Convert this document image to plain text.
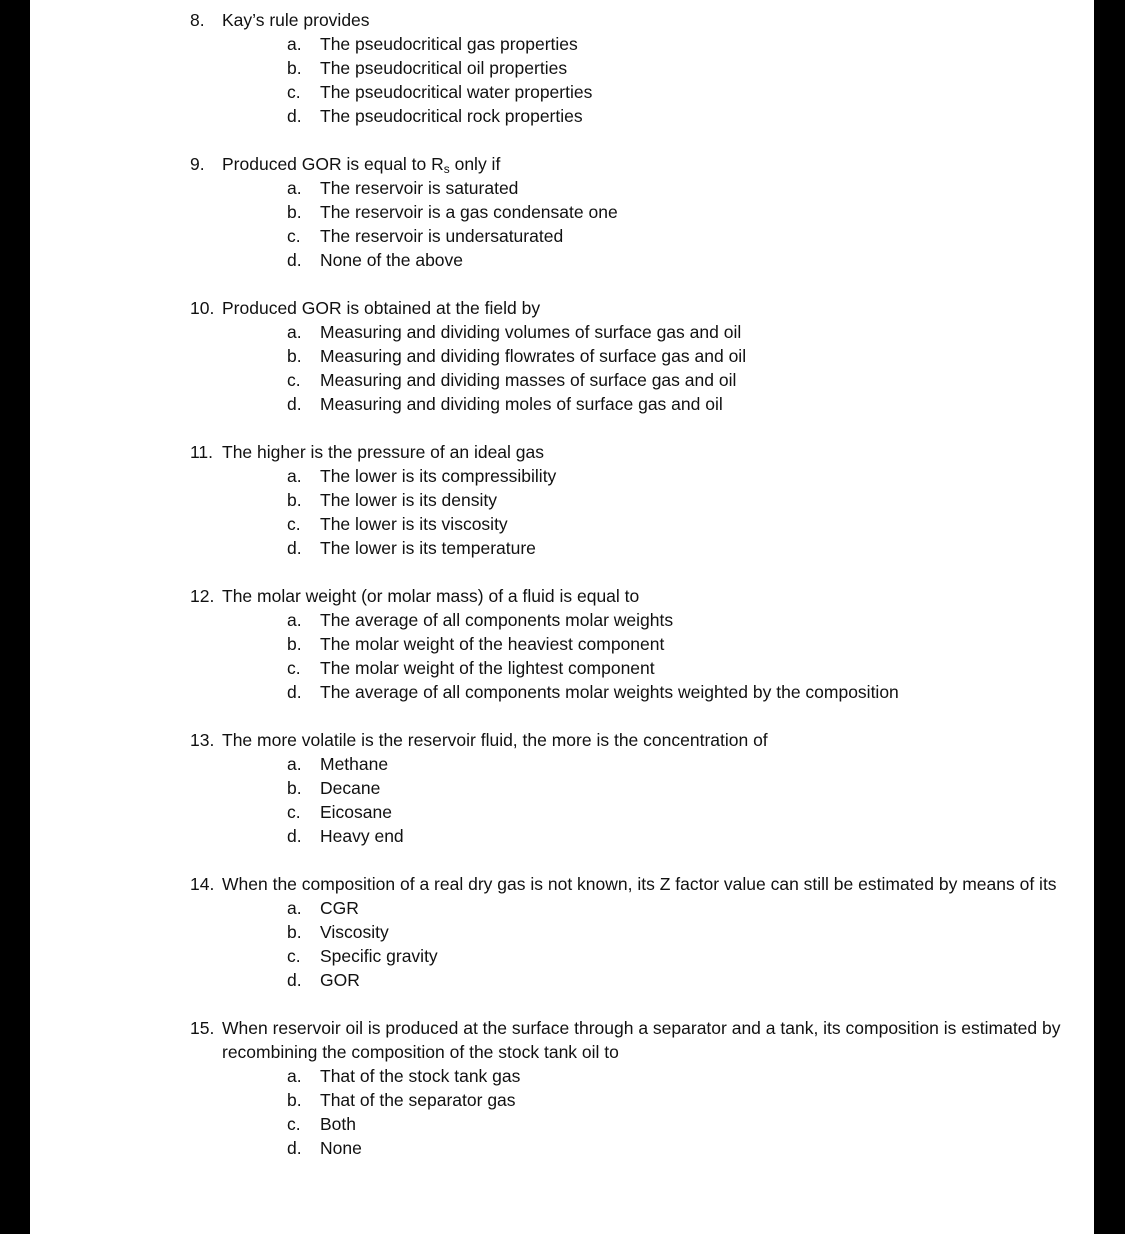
8. Kay’s rule provides
a. The pseudocritical gas properties
b. The pseudocritical oil properties
c. The pseudocritical water properties
d. The pseudocritical rock properties
9. Produced GOR is equal to $R_s$ only if
a. The reservoir is saturated
b. The reservoir is a gas condensate one
c. The reservoir is undersaturated
d. None of the above
10. Produced GOR is obtained at the field by
a. Measuring and dividing volumes of surface gas and oil
b. Measuring and dividing flowrates of surface gas and oil
c. Measuring and dividing masses of surface gas and oil
d. Measuring and dividing moles of surface gas and oil
11. The higher is the pressure of an ideal gas
a. The lower is its compressibility
b. The lower is its density
c. The lower is its viscosity
d. The lower is its temperature
12. The molar weight (or molar mass) of a fluid is equal to
a. The average of all components molar weights
b. The molar weight of the heaviest component
c. The molar weight of the lightest component
d. The average of all components molar weights weighted by the composition
13. The more volatile is the reservoir fluid, the more is the concentration of
a. Methane
b. Decane
c. Eicosane
d. Heavy end
14. When the composition of a real dry gas is not known, its Z factor value can still be estimated by means of its
a. CGR
b. Viscosity
c. Specific gravity
d. GOR
15. When reservoir oil is produced at the surface through a separator and a tank, its composition is estimated by recombining the composition of the stock tank oil to
a. That of the stock tank gas
b. That of the separator gas
c. Both
d. None
